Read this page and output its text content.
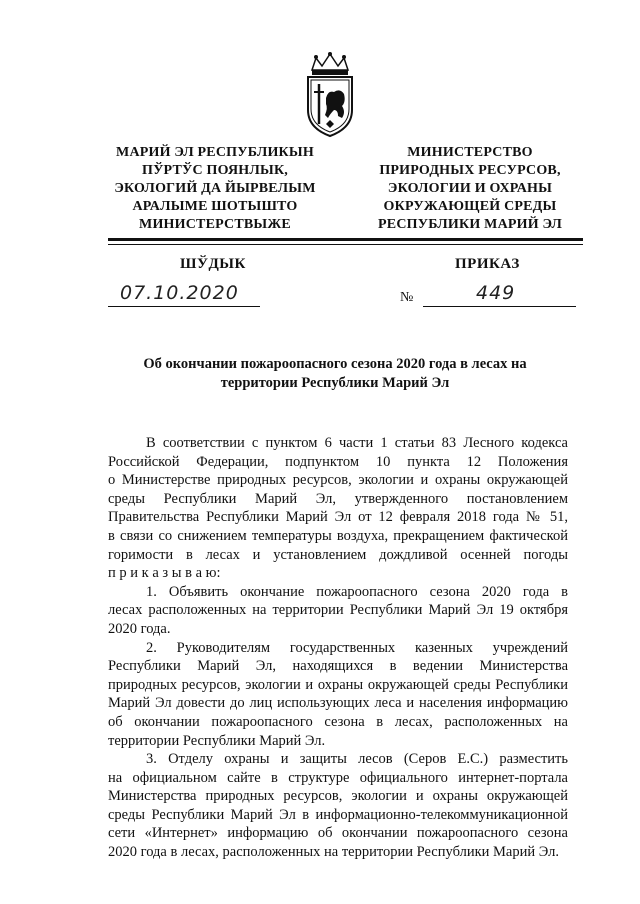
МАРИЙ ЭЛ РЕСПУБЛИКЫН
ПЎРТЎС ПОЯНЛЫК,
ЭКОЛОГИЙ ДА ЙЫРВЕЛЫМ
АРАЛЫМЕ ШОТЫШТО
МИНИСТЕРСТВЫЖЕ
МИНИСТЕРСТВО
ПРИРОДНЫХ РЕСУРСОВ,
ЭКОЛОГИИ И ОХРАНЫ
ОКРУЖАЮЩЕЙ СРЕДЫ
РЕСПУБЛИКИ МАРИЙ ЭЛ
ШЎДЫК	ПРИКАЗ
07.10.2020	№	449
Об окончании пожароопасного сезона 2020 года в лесах на
территории Республики Марий Эл
В соответствии с пунктом 6 части 1 статьи 83 Лесного кодекса
Российской Федерации, подпунктом 10 пункта 12 Положения
о Министерстве природных ресурсов, экологии и охраны окружающей
среды Республики Марий Эл, утвержденного постановлением
Правительства Республики Марий Эл от 12 февраля 2018 года № 51,
в связи со снижением температуры воздуха, прекращением фактической
горимости в лесах и установлением дождливой осенней погоды
п р и к а з ы в а ю:
1. Объявить окончание пожароопасного сезона 2020 года в
лесах расположенных на территории Республики Марий Эл 19 октября
2020 года.
2. Руководителям государственных казенных учреждений
Республики Марий Эл, находящихся в ведении Министерства
природных ресурсов, экологии и охраны окружающей среды Республики
Марий Эл довести до лиц использующих леса и населения информацию
об окончании пожароопасного сезона в лесах, расположенных на
территории Республики Марий Эл.
3. Отделу охраны и защиты лесов (Серов Е.С.) разместить
на официальном сайте в структуре официального интернет-портала
Министерства природных ресурсов, экологии и охраны окружающей
среды Республики Марий Эл в информационно-телекоммуникационной
сети «Интернет» информацию об окончании пожароопасного сезона
2020 года в лесах, расположенных на территории Республики Марий Эл.
